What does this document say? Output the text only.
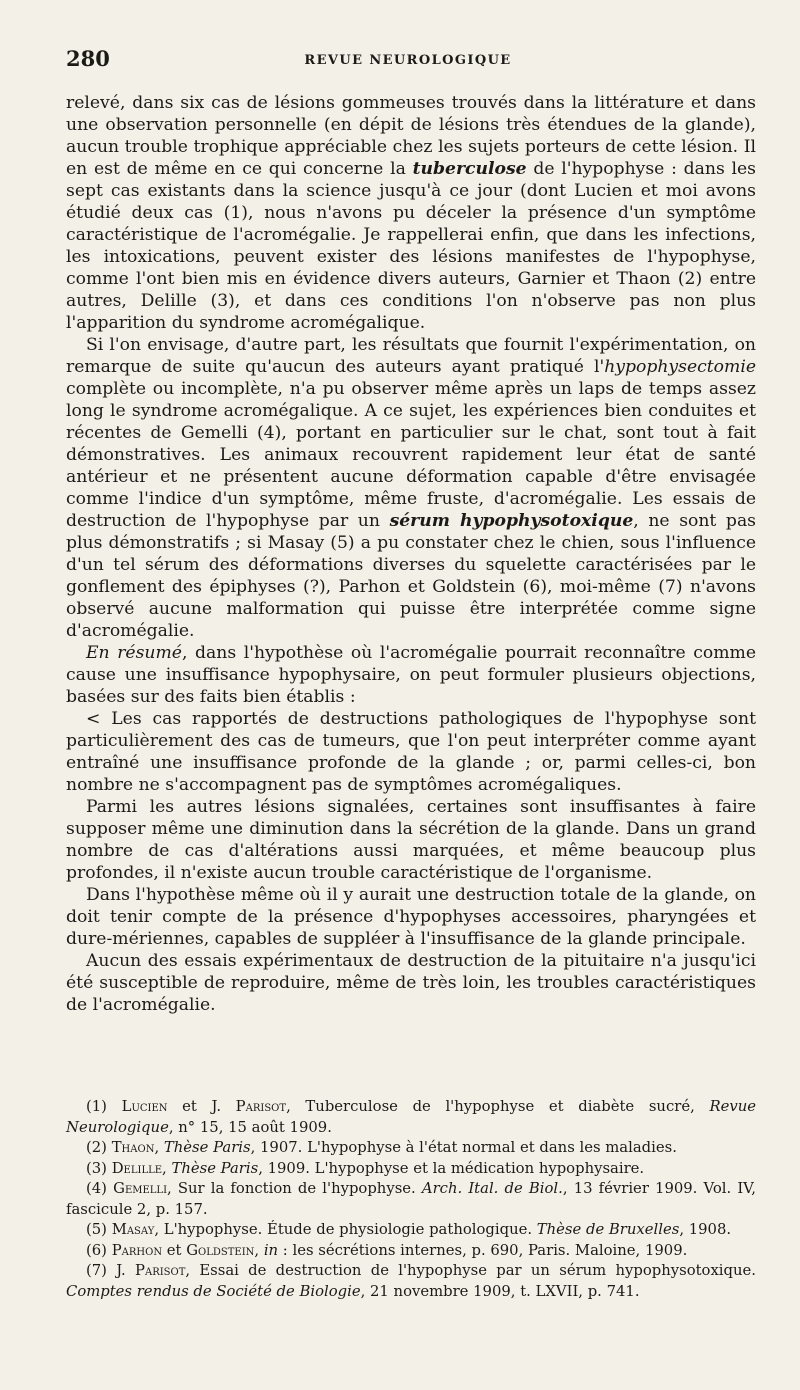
280	REVUE NEUROLOGIQUE

relevé, dans six cas de lésions gommeuses trouvés dans la littérature et dans une observation personnelle (en dépit de lésions très étendues de la glande), aucun trouble trophique appréciable chez les sujets porteurs de cette lésion. Il en est de même en ce qui concerne la tuberculose de l'hypophyse : dans les sept cas existants dans la science jusqu'à ce jour (dont Lucien et moi avons étudié deux cas (1), nous n'avons pu déceler la présence d'un symptôme caractéristique de l'acromégalie. Je rappellerai enfin, que dans les infections, les intoxications, peuvent exister des lésions manifestes de l'hypophyse, comme l'ont bien mis en évidence divers auteurs, Garnier et Thaon (2) entre autres, Delille (3), et dans ces conditions l'on n'observe pas non plus l'apparition du syndrome acromégalique.

Si l'on envisage, d'autre part, les résultats que fournit l'expérimentation, on remarque de suite qu'aucun des auteurs ayant pratiqué l'hypophysectomie complète ou incomplète, n'a pu observer même après un laps de temps assez long le syndrome acromégalique. A ce sujet, les expériences bien conduites et récentes de Gemelli (4), portant en particulier sur le chat, sont tout à fait démonstratives. Les animaux recouvrent rapidement leur état de santé antérieur et ne présentent aucune déformation capable d'être envisagée comme l'indice d'un symptôme, même fruste, d'acromégalie. Les essais de destruction de l'hypophyse par un sérum hypophysotoxique, ne sont pas plus démonstratifs ; si Masay (5) a pu constater chez le chien, sous l'influence d'un tel sérum des déformations diverses du squelette caractérisées par le gonflement des épiphyses (?), Parhon et Goldstein (6), moi-même (7) n'avons observé aucune malformation qui puisse être interprétée comme signe d'acromégalie.

En résumé, dans l'hypothèse où l'acromégalie pourrait reconnaître comme cause une insuffisance hypophysaire, on peut formuler plusieurs objections, basées sur des faits bien établis :

< Les cas rapportés de destructions pathologiques de l'hypophyse sont particulièrement des cas de tumeurs, que l'on peut interpréter comme ayant entraîné une insuffisance profonde de la glande ; or, parmi celles-ci, bon nombre ne s'accompagnent pas de symptômes acromégaliques.

Parmi les autres lésions signalées, certaines sont insuffisantes à faire supposer même une diminution dans la sécrétion de la glande. Dans un grand nombre de cas d'altérations aussi marquées, et même beaucoup plus profondes, il n'existe aucun trouble caractéristique de l'organisme.

Dans l'hypothèse même où il y aurait une destruction totale de la glande, on doit tenir compte de la présence d'hypophyses accessoires, pharyngées et dure-mériennes, capables de suppléer à l'insuffisance de la glande principale.

Aucun des essais expérimentaux de destruction de la pituitaire n'a jusqu'ici été susceptible de reproduire, même de très loin, les troubles caractéristiques de l'acromégalie.

(1) Lucien et J. Parisot, Tuberculose de l'hypophyse et diabète sucré, Revue Neurologique, n° 15, 15 août 1909.

(2) Thaon, Thèse Paris, 1907. L'hypophyse à l'état normal et dans les maladies.

(3) Delille, Thèse Paris, 1909. L'hypophyse et la médication hypophysaire.

(4) Gemelli, Sur la fonction de l'hypophyse. Arch. Ital. de Biol., 13 février 1909. Vol. IV, fascicule 2, p. 157.

(5) Masay, L'hypophyse. Étude de physiologie pathologique. Thèse de Bruxelles, 1908.

(6) Parhon et Goldstein, in : les sécrétions internes, p. 690, Paris. Maloine, 1909.

(7) J. Parisot, Essai de destruction de l'hypophyse par un sérum hypophysotoxique. Comptes rendus de Société de Biologie, 21 novembre 1909, t. LXVII, p. 741.
